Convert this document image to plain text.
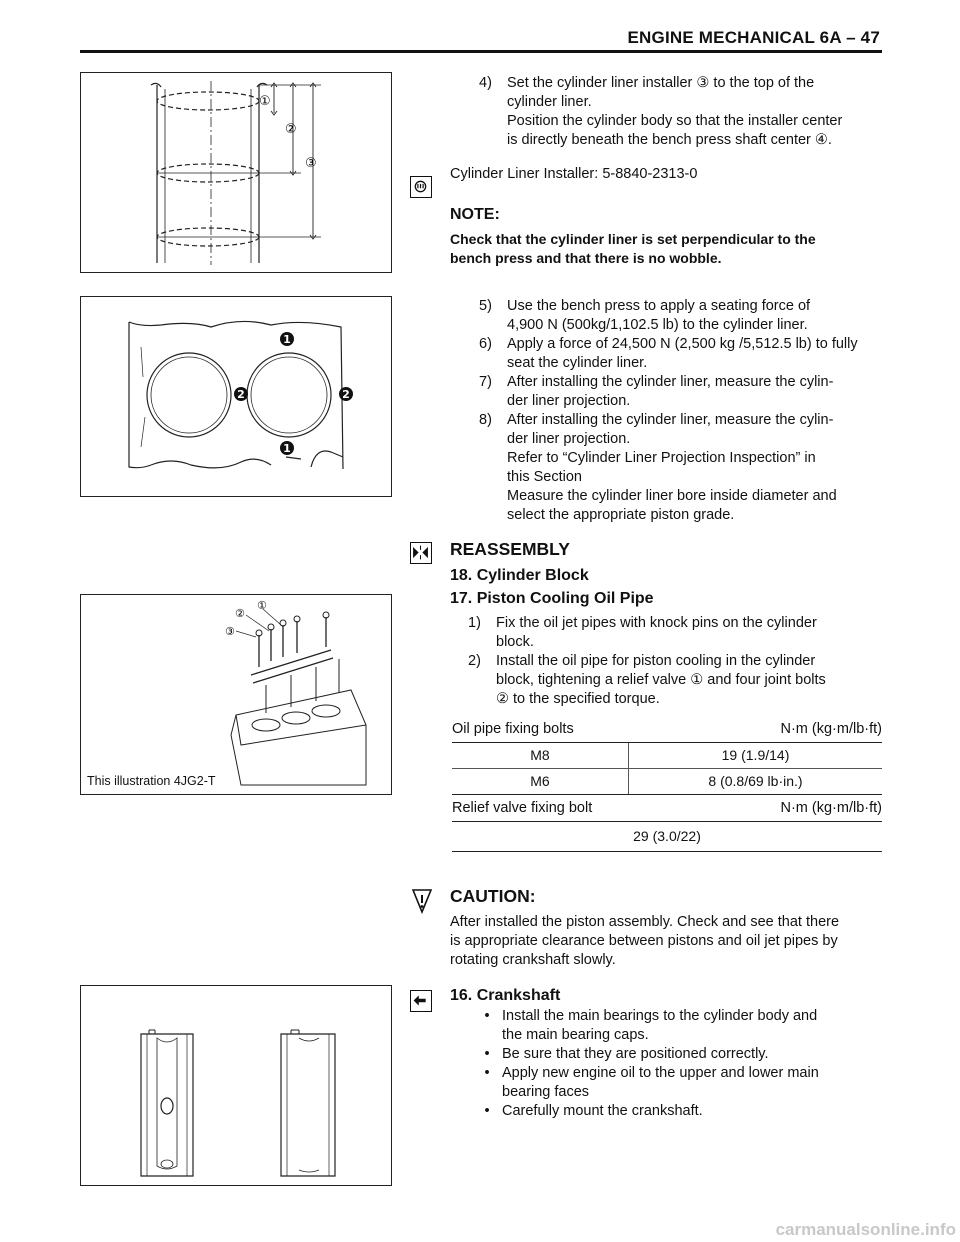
ENGINE MECHANICAL 6A – 47
①
②
③
4)	Set the cylinder liner installer ③ to the top of the
cylinder liner.
Position the cylinder body so that the installer center
is directly beneath the bench press shaft center ④.
Cylinder Liner Installer: 5-8840-2313-0
NOTE:
Check that the cylinder liner is set perpendicular to the
bench press and that there is no wobble.
1
2	2
1
5)	Use the bench press to apply a seating force of
4,900 N (500kg/1,102.5 lb) to the cylinder liner.
6)	Apply a force of 24,500 N (2,500 kg /5,512.5 lb) to fully
seat the cylinder liner.
7)	After installing the cylinder liner, measure the cylin-
der liner projection.
8)	After installing the cylinder liner, measure the cylin-
der liner projection.
Refer to “Cylinder Liner Projection Inspection” in
this Section
Measure the cylinder liner bore inside diameter and
select the appropriate piston grade.
REASSEMBLY
18. Cylinder Block
17. Piston Cooling Oil Pipe
1)	Fix the oil jet pipes with knock pins on the cylinder
block.
2)	Install the oil pipe for piston cooling in the cylinder
block, tightening a relief valve ① and four joint bolts
② to the specified torque.
①
②
③
This illustration 4JG2-T
Oil pipe fixing bolts	N·m (kg·m/lb·ft)
M8	19 (1.9/14)
M6	8 (0.8/69 lb·in.)
Relief valve fixing bolt	N·m (kg·m/lb·ft)
29 (3.0/22)
CAUTION:
After installed the piston assembly. Check and see that there
is appropriate clearance between pistons and oil jet pipes by
rotating crankshaft slowly.
16. Crankshaft
• Install the main bearings to the cylinder body and
the main bearing caps.
• Be sure that they are positioned correctly.
• Apply new engine oil to the upper and lower main
bearing faces
• Carefully mount the crankshaft.
carmanualsonline.info
